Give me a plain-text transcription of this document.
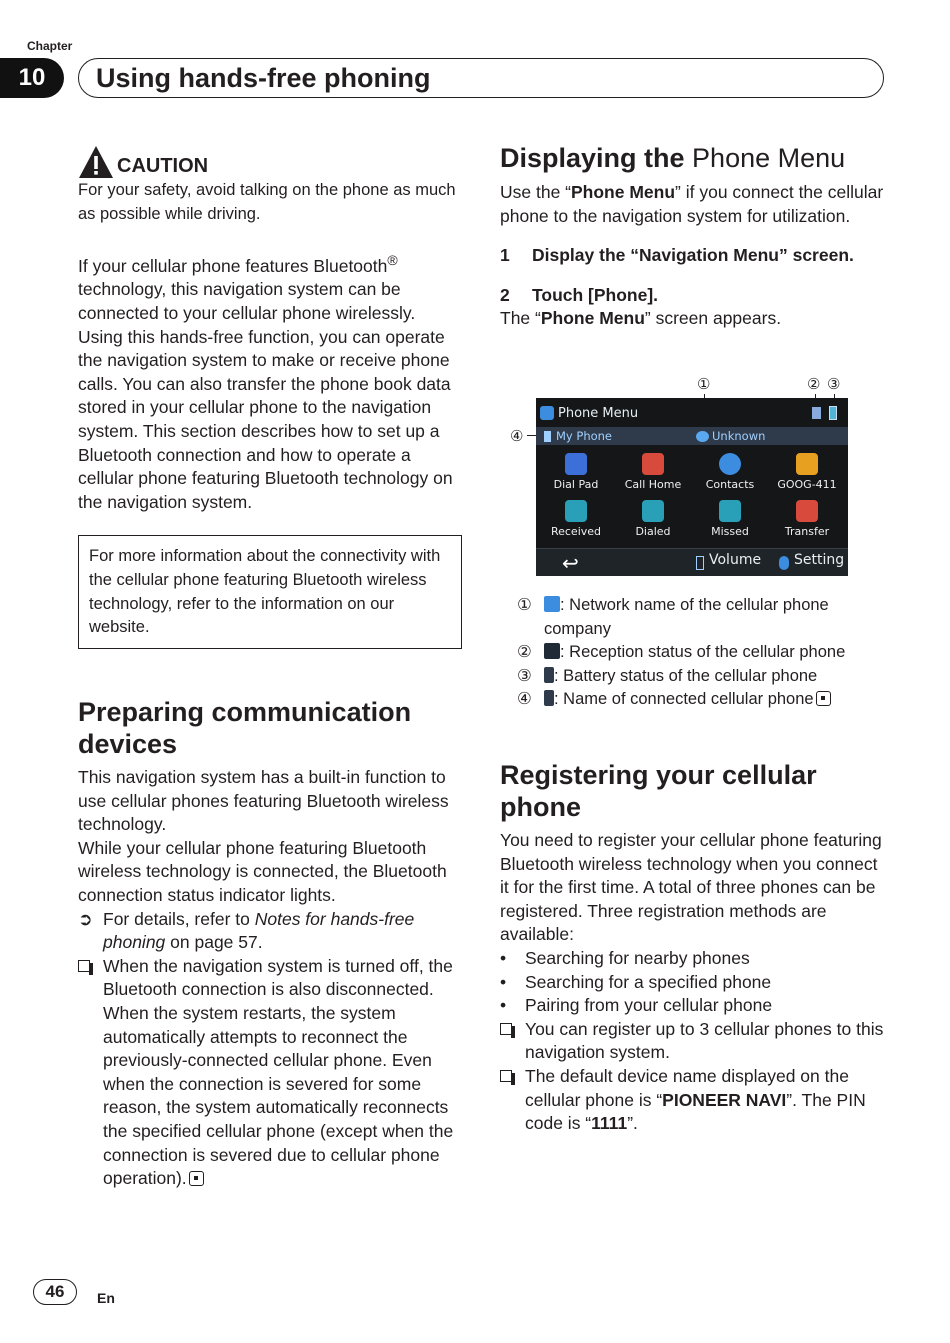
Chapter
10	Using hands-free phoning
CAUTION
For your safety, avoid talking on the phone as much as possible while driving.
If your cellular phone features Bluetooth® technology, this navigation system can be connected to your cellular phone wirelessly. Using this hands-free function, you can operate the navigation system to make or receive phone calls. You can also transfer the phone book data stored in your cellular phone to the navigation system. This section describes how to set up a Bluetooth connection and how to operate a cellular phone featuring Bluetooth technology on the navigation system.
For more information about the connectivity with the cellular phone featuring Bluetooth wireless technology, refer to the information on our website.
Preparing communication devices
This navigation system has a built-in function to use cellular phones featuring Bluetooth wireless technology.
While your cellular phone featuring Bluetooth wireless technology is connected, the Bluetooth connection status indicator lights.
➲ For details, refer to Notes for hands-free phoning on page 57.
When the navigation system is turned off, the Bluetooth connection is also disconnected. When the system restarts, the system automatically attempts to reconnect the previously-connected cellular phone. Even when the connection is severed for some reason, the system automatically reconnects the specified cellular phone (except when the connection is severed due to cellular phone operation).
Displaying the Phone Menu
Use the “Phone Menu” if you connect the cellular phone to the navigation system for utilization.
1	Display the “Navigation Menu” screen.
2	Touch [Phone].
The “Phone Menu” screen appears.
①	② ③
④
Phone Menu
My Phone	Unknown
Dial Pad	Call Home	Contacts	GOOG-411
Received	Dialed	Missed	Transfer
↩	Volume Setting
①	: Network name of the cellular phone company
②	: Reception status of the cellular phone
③	: Battery status of the cellular phone
④	: Name of connected cellular phone
Registering your cellular phone
You need to register your cellular phone featuring Bluetooth wireless technology when you connect it for the first time. A total of three phones can be registered. Three registration methods are available:
•	Searching for nearby phones
•	Searching for a specified phone
•	Pairing from your cellular phone
You can register up to 3 cellular phones to this navigation system.
The default device name displayed on the cellular phone is “PIONEER NAVI”. The PIN code is “1111”.
46	En
